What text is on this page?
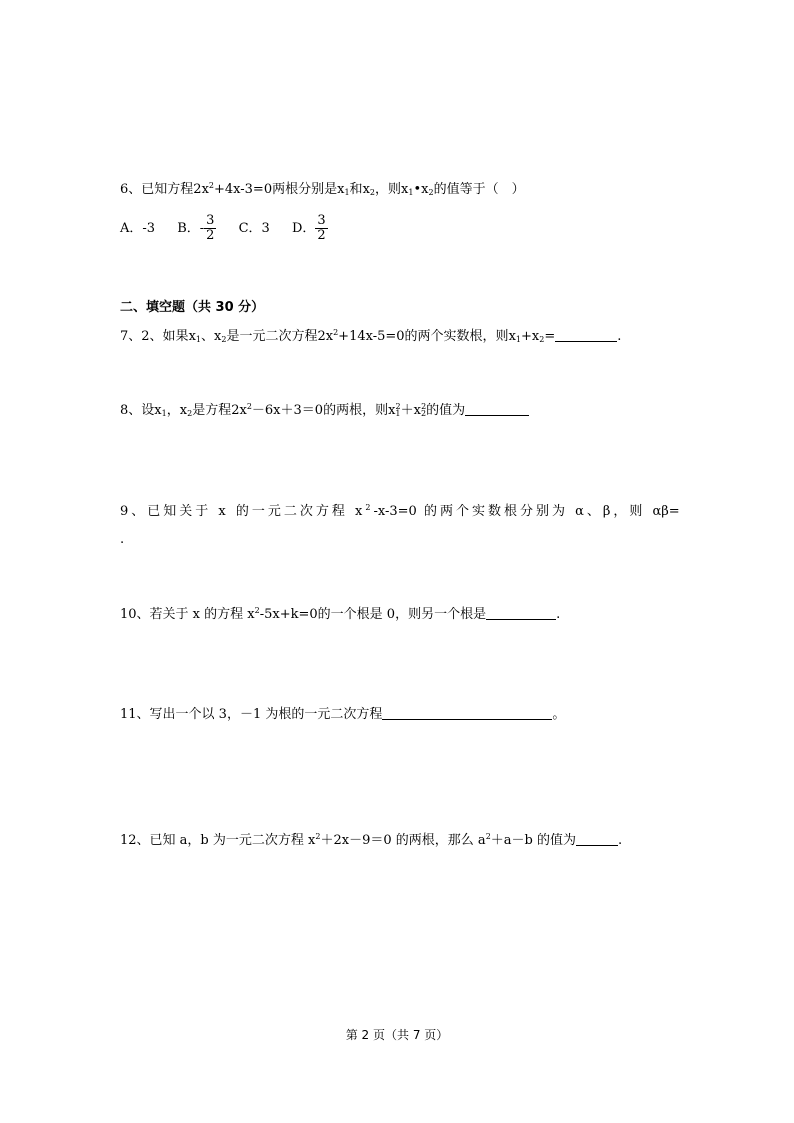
6、已知方程$2x^2+4x-3=0$两根分别是$x_1$和$x_2$，则$x_1•x_2$的值等于（　）
A．-3 B．- $\frac{3}{2}$ C．3 D． $\frac{3}{2}$
二、填空题（共 30 分）
7、2、如果$x_1$、$x_2$是一元二次方程$2x^2+14x-5=0$的两个实数根，则$x_1+x_2=$	.
8、设$x_1$，$x_2$是方程$2x^2-6x+3=0$的两根，则$x_1^2+x_2^2$的值为
9、已知关于 x 的一元二次方程 $x^2-x-3=0$ 的两个实数根分别为 α、β，则 αβ=
.
10、若关于 x 的方程 $x^2-5x+k=0$的一个根是 0，则另一个根是	.
11、写出一个以 3，－1 为根的一元二次方程	。
12、已知 a，b 为一元二次方程 $x^2+2x-9=0$ 的两根，那么 $a^2+a-b$ 的值为	.
第 2 页（共 7 页）
